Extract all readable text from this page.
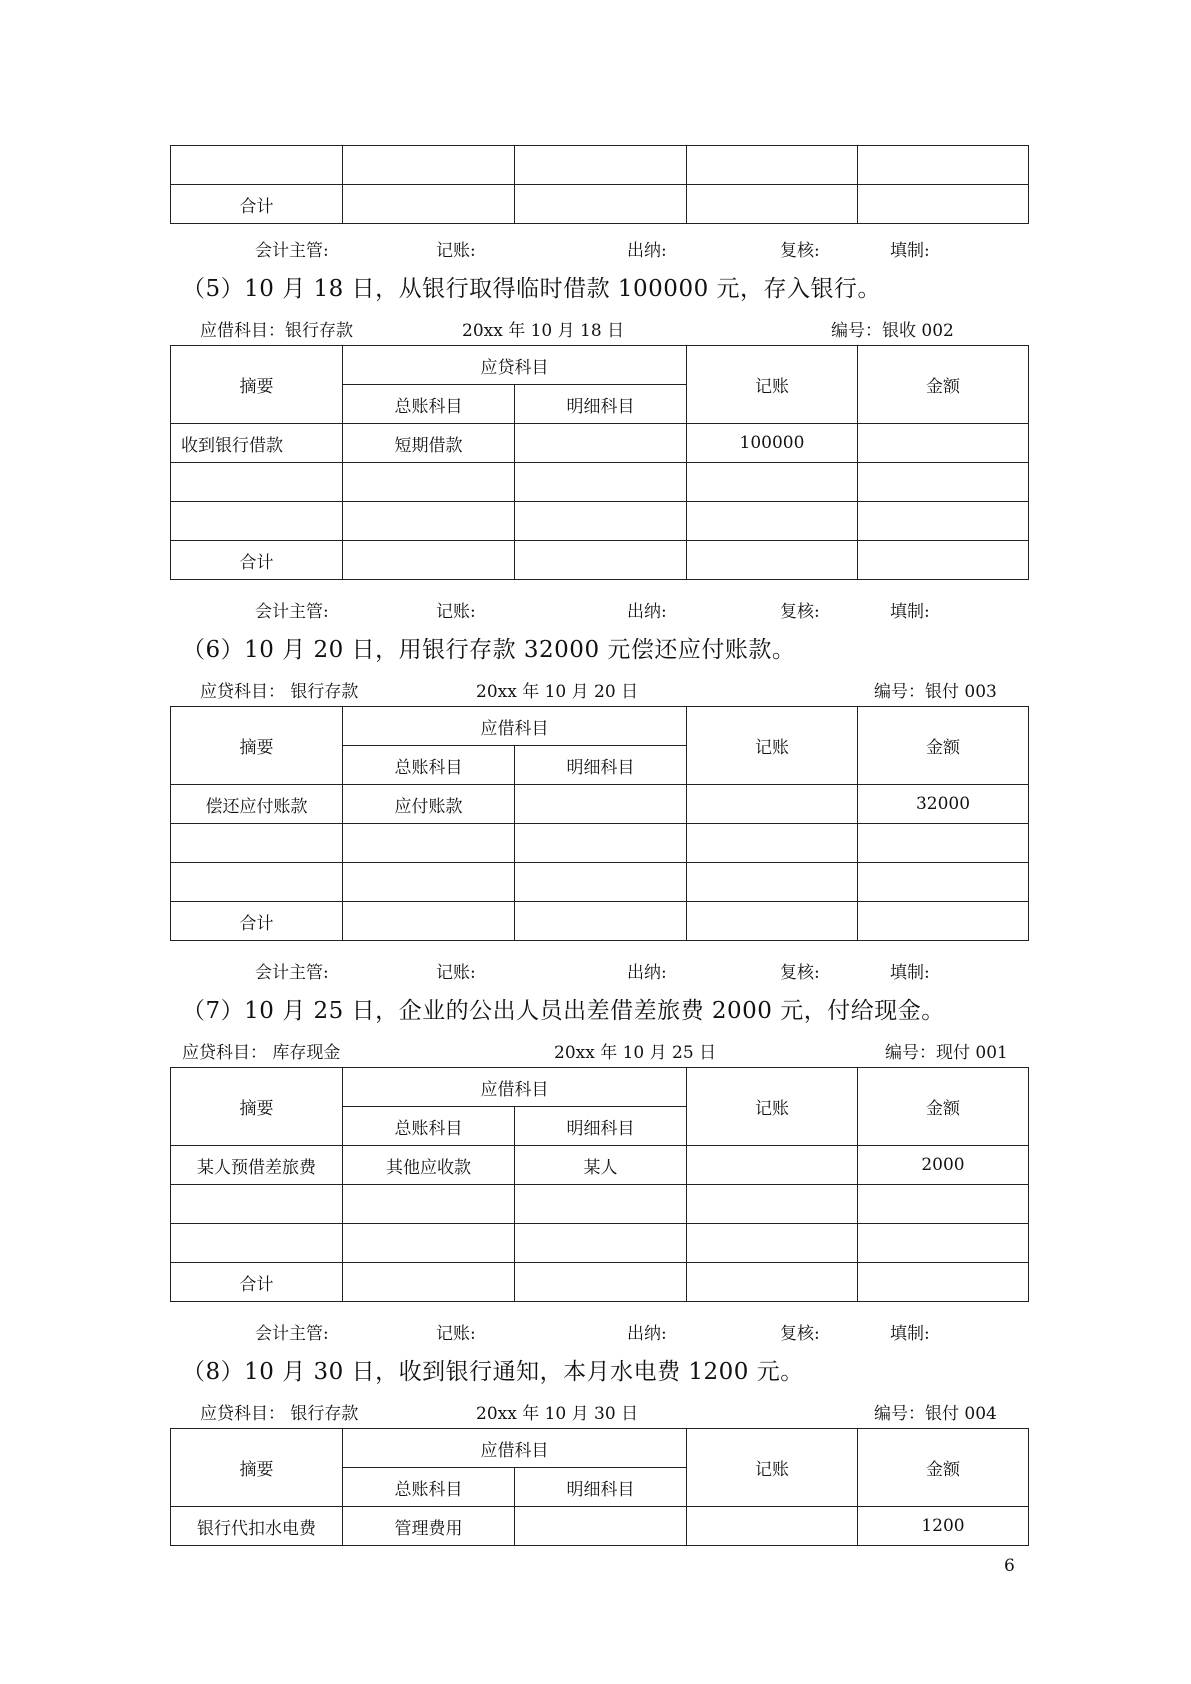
合计				
会计主管:	记账:	出纳:	复核:	填制:
（5）10 月 18 日，从银行取得临时借款 100000 元，存入银行。
应借科目：银行存款	20xx 年 10 月 18 日	编号：银收 002
摘要	应贷科目		记账	金额
	总账科目	明细科目		
收到银行借款	短期借款		100000	

合计				
会计主管:	记账:	出纳:	复核:	填制:
（6）10 月 20 日，用银行存款 32000 元偿还应付账款。
应贷科目： 银行存款	20xx 年 10 月 20 日	编号：银付 003
摘要	应借科目		记账	金额
	总账科目	明细科目		
偿还应付账款	应付账款			32000

合计				
会计主管:	记账:	出纳:	复核:	填制:
（7）10 月 25 日，企业的公出人员出差借差旅费 2000 元，付给现金。
应贷科目： 库存现金	20xx 年 10 月 25 日	编号：现付 001
摘要	应借科目		记账	金额
	总账科目	明细科目		
某人预借差旅费	其他应收款	某人		2000

合计				
会计主管:	记账:	出纳:	复核:	填制:
（8）10 月 30 日，收到银行通知，本月水电费 1200 元。
应贷科目： 银行存款	20xx 年 10 月 30 日	编号：银付 004
摘要	应借科目		记账	金额
	总账科目	明细科目		
银行代扣水电费	管理费用			1200
6
